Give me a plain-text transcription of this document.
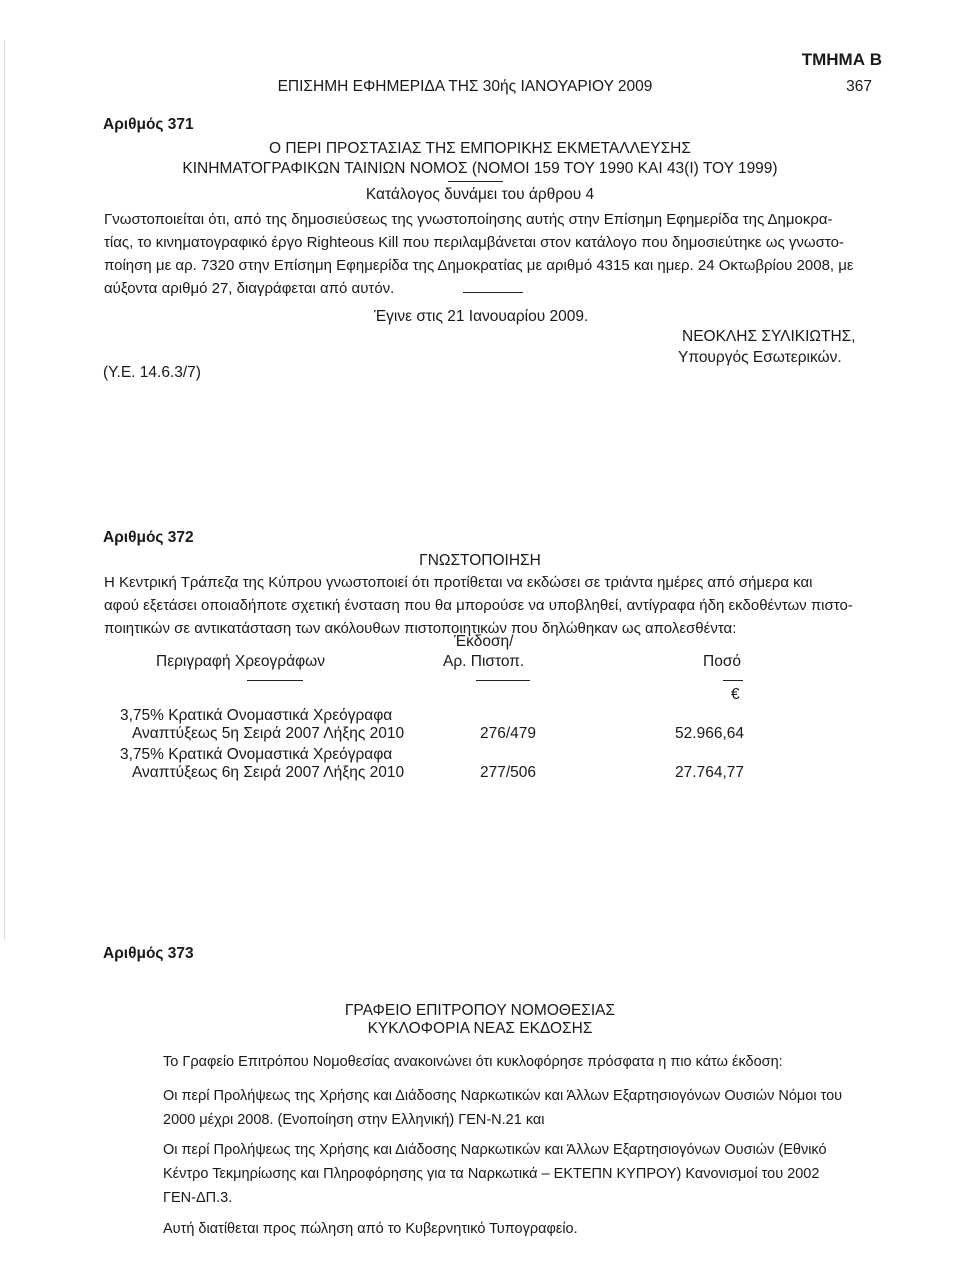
ΤΜΗΜΑ Β
ΕΠΙΣΗΜΗ ΕΦΗΜΕΡΙΔΑ ΤΗΣ 30ής ΙΑΝΟΥΑΡΙΟΥ 2009	367
Αριθμός 371
Ο ΠΕΡΙ ΠΡΟΣΤΑΣΙΑΣ ΤΗΣ ΕΜΠΟΡΙΚΗΣ ΕΚΜΕΤΑΛΛΕΥΣΗΣ
ΚΙΝΗΜΑΤΟΓΡΑΦΙΚΩΝ ΤΑΙΝΙΩΝ ΝΟΜΟΣ (ΝΟΜΟΙ 159 ΤΟΥ 1990 ΚΑΙ 43(Ι) ΤΟΥ 1999)
Κατάλογος δυνάμει του άρθρου 4
Γνωστοποιείται ότι, από της δημοσιεύσεως της γνωστοποίησης αυτής στην Επίσημη Εφημερίδα της Δημοκρα-
τίας, το κινηματογραφικό έργο Righteous Kill που περιλαμβάνεται στον κατάλογο που δημοσιεύτηκε ως γνωστο-
ποίηση με αρ. 7320 στην Επίσημη Εφημερίδα της Δημοκρατίας με αριθμό 4315 και ημερ. 24 Οκτωβρίου 2008, με
αύξοντα αριθμό 27, διαγράφεται από αυτόν.
Έγινε στις 21 Ιανουαρίου 2009.
ΝΕΟΚΛΗΣ ΣΥΛΙΚΙΩΤΗΣ,
Υπουργός Εσωτερικών.
(Υ.Ε. 14.6.3/7)
Αριθμός 372
ΓΝΩΣΤΟΠΟΙΗΣΗ
Η Κεντρική Τράπεζα της Κύπρου γνωστοποιεί ότι προτίθεται να εκδώσει σε τριάντα ημέρες από σήμερα και
αφού εξετάσει οποιαδήποτε σχετική ένσταση που θα μπορούσε να υποβληθεί, αντίγραφα ήδη εκδοθέντων πιστο-
ποιητικών σε αντικατάσταση των ακόλουθων πιστοποιητικών που δηλώθηκαν ως απολεσθέντα:
Έκδοση/
Περιγραφή Χρεογράφων	Αρ. Πιστοπ.	Ποσό
€
3,75% Κρατικά Ονομαστικά Χρεόγραφα
Αναπτύξεως 5η Σειρά 2007 Λήξης 2010	276/479	52.966,64
3,75% Κρατικά Ονομαστικά Χρεόγραφα
Αναπτύξεως 6η Σειρά 2007 Λήξης 2010	277/506	27.764,77
Αριθμός 373
ΓΡΑΦΕΙΟ ΕΠΙΤΡΟΠΟΥ ΝΟΜΟΘΕΣΙΑΣ
ΚΥΚΛΟΦΟΡΙΑ ΝΕΑΣ ΕΚΔΟΣΗΣ
Το Γραφείο Επιτρόπου Νομοθεσίας ανακοινώνει ότι κυκλοφόρησε πρόσφατα η πιο κάτω έκδοση:
Οι περί Προλήψεως της Χρήσης και Διάδοσης Ναρκωτικών και Άλλων Εξαρτησιογόνων Ουσιών Νόμοι του
2000 μέχρι 2008. (Ενοποίηση στην Ελληνική) ΓΕΝ-Ν.21 και
Οι περί Προλήψεως της Χρήσης και Διάδοσης Ναρκωτικών και Άλλων Εξαρτησιογόνων Ουσιών (Εθνικό
Κέντρο Τεκμηρίωσης και Πληροφόρησης για τα Ναρκωτικά – ΕΚΤΕΠΝ ΚΥΠΡΟΥ) Κανονισμοί του 2002
ΓΕΝ-ΔΠ.3.
Αυτή διατίθεται προς πώληση από το Κυβερνητικό Τυπογραφείο.
